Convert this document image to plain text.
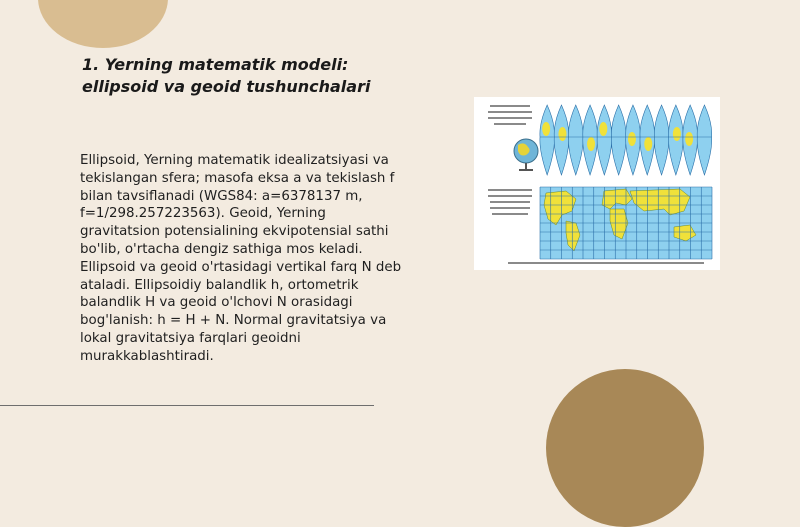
1. Yerning matematik modeli:
ellipsoid va geoid tushunchalari
Ellipsoid, Yerning matematik idealizatsiyasi va tekislangan sfera; masofa eksa a va tekislash f bilan tavsiflanadi (WGS84: a=6378137 m, f=1/298.257223563). Geoid, Yerning gravitatsion potensialining ekvipotensial sathi bo'lib, o'rtacha dengiz sathiga mos keladi. Ellipsoid va geoid o'rtasidagi vertikal farq N deb ataladi. Ellipsoidiy balandlik h, ortometrik balandlik H va geoid o'lchovi N orasidagi bog'lanish: h = H + N. Normal gravitatsiya va lokal gravitatsiya farqlari geoidni murakkablashtiradi.
